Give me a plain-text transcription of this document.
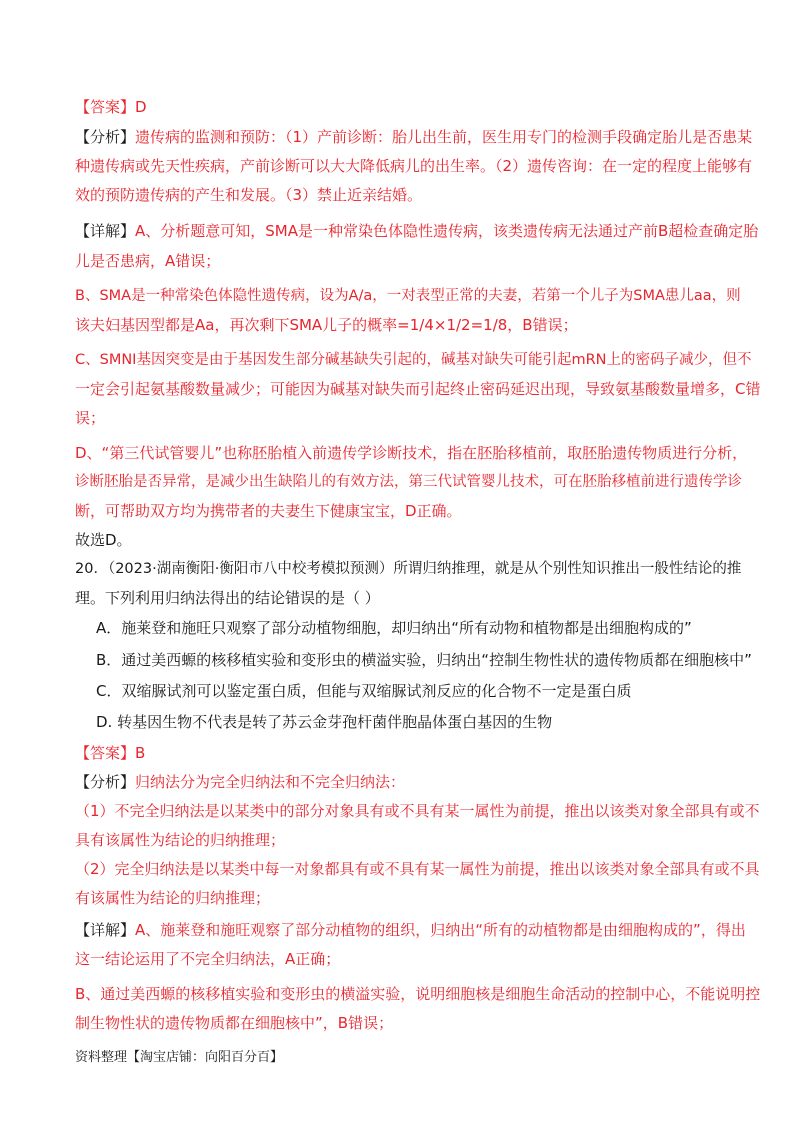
【答案】D
【分析】遗传病的监测和预防：（1）产前诊断：胎儿出生前，医生用专门的检测手段确定胎儿是否患某
种遗传病或先天性疾病，产前诊断可以大大降低病儿的出生率。（2）遗传咨询：在一定的程度上能够有
效的预防遗传病的产生和发展。（3）禁止近亲结婚。
【详解】A、分析题意可知，SMA是一种常染色体隐性遗传病，该类遗传病无法通过产前B超检查确定胎
儿是否患病，A错误；
B、SMA是一种常染色体隐性遗传病，设为A/a，一对表型正常的夫妻，若第一个儿子为SMA患儿aa，则
该夫妇基因型都是Aa，再次剩下SMA儿子的概率=1/4×1/2=1/8，B错误；
C、SMNI基因突变是由于基因发生部分碱基缺失引起的，碱基对缺失可能引起mRN上的密码子减少，但不
一定会引起氨基酸数量减少；可能因为碱基对缺失而引起终止密码延迟出现，导致氨基酸数量增多，C错
误；
D、“第三代试管婴儿”也称胚胎植入前遗传学诊断技术，指在胚胎移植前，取胚胎遗传物质进行分析，
诊断胚胎是否异常，是减少出生缺陷儿的有效方法，第三代试管婴儿技术，可在胚胎移植前进行遗传学诊
断，可帮助双方均为携带者的夫妻生下健康宝宝，D正确。
故选D。
20．（2023·湖南衡阳·衡阳市八中校考模拟预测）所谓归纳推理，就是从个别性知识推出一般性结论的推
理。下列利用归纳法得出的结论错误的是（ ）
A．施莱登和施旺只观察了部分动植物细胞，却归纳出“所有动物和植物都是出细胞构成的”
B．通过美西螈的核移植实验和变形虫的横溢实验，归纳出“控制生物性状的遗传物质都在细胞核中”
C．双缩脲试剂可以鉴定蛋白质，但能与双缩脲试剂反应的化合物不一定是蛋白质
D. 转基因生物不代表是转了苏云金芽孢杆菌伴胞晶体蛋白基因的生物
【答案】B
【分析】归纳法分为完全归纳法和不完全归纳法：
（1）不完全归纳法是以某类中的部分对象具有或不具有某一属性为前提，推出以该类对象全部具有或不
具有该属性为结论的归纳推理；
（2）完全归纳法是以某类中每一对象都具有或不具有某一属性为前提，推出以该类对象全部具有或不具
有该属性为结论的归纳推理；
【详解】A、施莱登和施旺观察了部分动植物的组织，归纳出“所有的动植物都是由细胞构成的”，得出
这一结论运用了不完全归纳法，A正确；
B、通过美西螈的核移植实验和变形虫的横溢实验，说明细胞核是细胞生命活动的控制中心，不能说明控
制生物性状的遗传物质都在细胞核中”，B错误；
资料整理【淘宝店铺：向阳百分百】
